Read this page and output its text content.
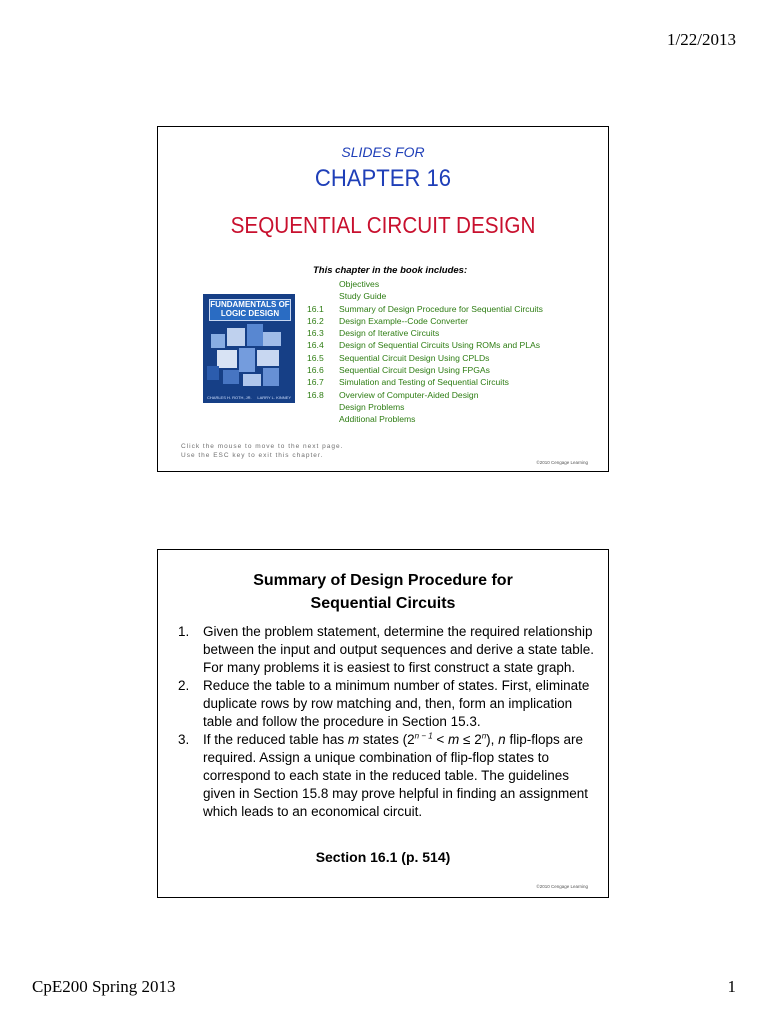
1/22/2013
SLIDES FOR
CHAPTER 16
SEQUENTIAL CIRCUIT DESIGN
This chapter in the book includes:
FUNDAMENTALS OF
LOGIC DESIGN
CHARLES H. ROTH, JR. LARRY L. KINNEY
Objectives
Study Guide
16.1	Summary of Design Procedure for Sequential Circuits
16.2	Design Example--Code Converter
16.3	Design of Iterative Circuits
16.4	Design of Sequential Circuits Using ROMs and PLAs
16.5	Sequential Circuit Design Using CPLDs
16.6	Sequential Circuit Design Using FPGAs
16.7	Simulation and Testing of Sequential Circuits
16.8	Overview of Computer-Aided Design
Design Problems
Additional Problems
Click the mouse to move to the next page.
Use the ESC key to exit this chapter.
©2010 Cengage Learning
Summary of Design Procedure for
Sequential Circuits
1.	Given the problem statement, determine the required relationship between the input and output sequences and derive a state table. For many problems it is easiest to first construct a state graph.
2.	Reduce the table to a minimum number of states. First, eliminate duplicate rows by row matching and, then, form an implication table and follow the procedure in Section 15.3.
3.	If the reduced table has m states $(2^{n - 1} < m \le 2^n)$, n flip-flops are required. Assign a unique combination of flip-flop states to correspond to each state in the reduced table. The guidelines given in Section 15.8 may prove helpful in finding an assignment which leads to an economical circuit.
Section 16.1 (p. 514)
©2010 Cengage Learning
CpE200 Spring 2013	1
